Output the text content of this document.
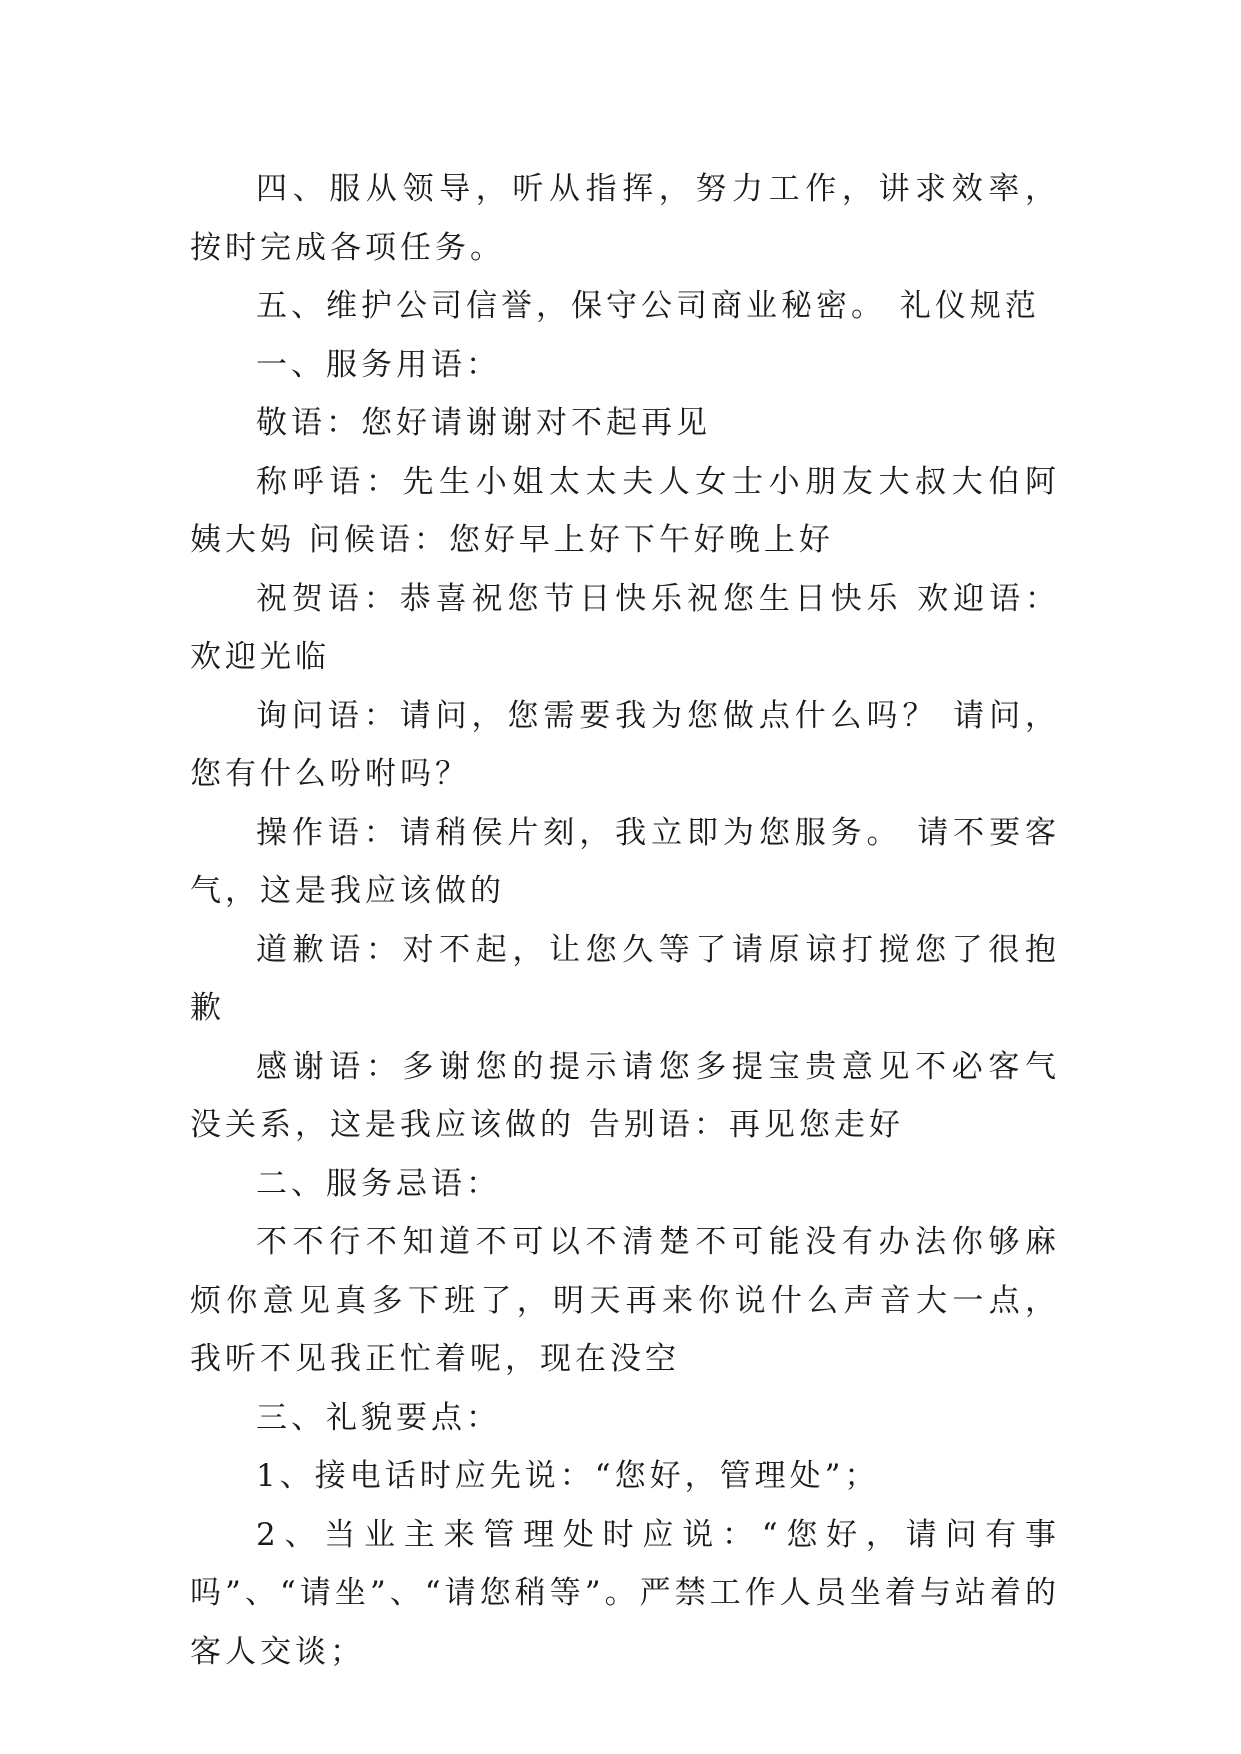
四、服从领导，听从指挥，努力工作，讲求效率，按时完成各项任务。

五、维护公司信誉，保守公司商业秘密。 礼仪规范

一、服务用语：

敬语：您好请谢谢对不起再见

称呼语：先生小姐太太夫人女士小朋友大叔大伯阿姨大妈 问候语：您好早上好下午好晚上好

祝贺语：恭喜祝您节日快乐祝您生日快乐 欢迎语：欢迎光临

询问语：请问，您需要我为您做点什么吗？ 请问，您有什么吩咐吗？

操作语：请稍侯片刻，我立即为您服务。 请不要客气，这是我应该做的

道歉语：对不起，让您久等了请原谅打搅您了很抱歉

感谢语：多谢您的提示请您多提宝贵意见不必客气没关系，这是我应该做的 告别语：再见您走好

二、服务忌语：

不不行不知道不可以不清楚不可能没有办法你够麻烦你意见真多下班了，明天再来你说什么声音大一点，我听不见我正忙着呢，现在没空

三、礼貌要点：

1、接电话时应先说：“您好，管理处”；

2、当业主来管理处时应说：“您好，请问有事吗”、“请坐”、“请您稍等”。严禁工作人员坐着与站着的客人交谈；
